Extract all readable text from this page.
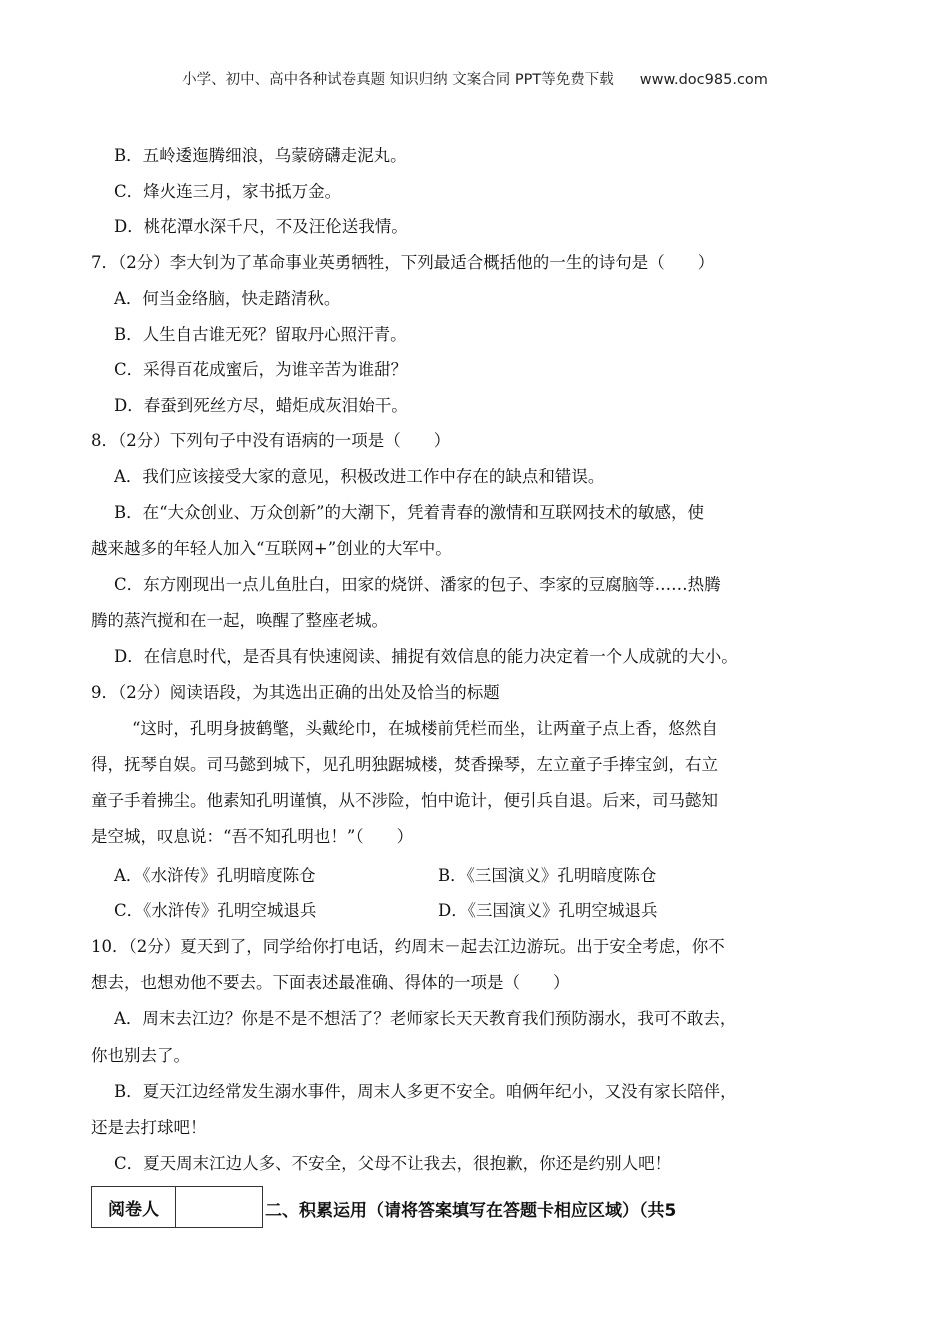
小学、初中、高中各种试卷真题 知识归纳 文案合同 PPT等免费下载 www.doc985.com
B．五岭逶迤腾细浪，乌蒙磅礴走泥丸。
C．烽火连三月，家书抵万金。
D．桃花潭水深千尺，不及汪伦送我情。
7．（2分）李大钊为了革命事业英勇牺牲，下列最适合概括他的一生的诗句是（　　）
A．何当金络脑，快走踏清秋。
B．人生自古谁无死？留取丹心照汗青。
C．采得百花成蜜后，为谁辛苦为谁甜？
D．春蚕到死丝方尽，蜡炬成灰泪始干。
8．（2分）下列句子中没有语病的一项是（　　）
A．我们应该接受大家的意见，积极改进工作中存在的缺点和错误。
B．在“大众创业、万众创新”的大潮下，凭着青春的激情和互联网技术的敏感，使
越来越多的年轻人加入“互联网+”创业的大军中。
C．东方刚现出一点儿鱼肚白，田家的烧饼、潘家的包子、李家的豆腐脑等……热腾
腾的蒸汽搅和在一起，唤醒了整座老城。
D．在信息时代，是否具有快速阅读、捕捉有效信息的能力决定着一个人成就的大小。
9．（2分）阅读语段，为其选出正确的出处及恰当的标题
“这时，孔明身披鹤氅，头戴纶巾，在城楼前凭栏而坐，让两童子点上香，悠然自
得，抚琴自娱。司马懿到城下，见孔明独踞城楼，焚香操琴，左立童子手捧宝剑，右立
童子手着拂尘。他素知孔明谨慎，从不涉险，怕中诡计，便引兵自退。后来，司马懿知
是空城，叹息说：“吾不知孔明也！”（　　）
A．《水浒传》孔明暗度陈仓	B．《三国演义》孔明暗度陈仓
C．《水浒传》孔明空城退兵	D．《三国演义》孔明空城退兵
10．（2分）夏天到了，同学给你打电话，约周末－起去江边游玩。出于安全考虑，你不
想去，也想劝他不要去。下面表述最准确、得体的一项是（　　）
A．周末去江边？你是不是不想活了？老师家长天天教育我们预防溺水，我可不敢去，
你也别去了。
B．夏天江边经常发生溺水事件，周末人多更不安全。咱俩年纪小，又没有家长陪伴，
还是去打球吧！
C．夏天周末江边人多、不安全，父母不让我去，很抱歉，你还是约别人吧！
阅卷人	二、积累运用（请将答案填写在答题卡相应区域）（共5
